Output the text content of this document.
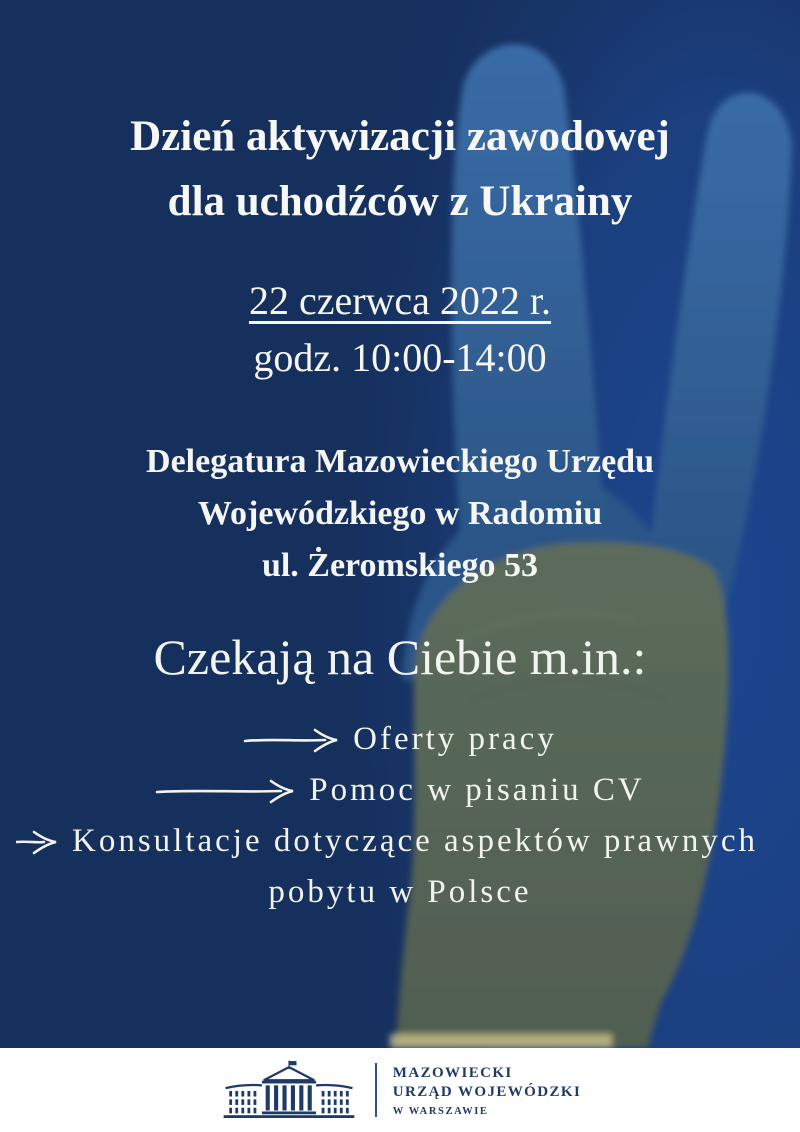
Dzień aktywizacji zawodowej
dla uchodźców z Ukrainy
22 czerwca 2022 r.
godz. 10:00-14:00
Delegatura Mazowieckiego Urzędu
Wojewódzkiego w Radomiu
ul. Żeromskiego 53
Czekają na Ciebie m.in.:
Oferty pracy
Pomoc w pisaniu CV
Konsultacje dotyczące aspektów prawnych
pobytu w Polsce
MAZOWIECKI
URZĄD WOJEWÓDZKI
W WARSZAWIE
